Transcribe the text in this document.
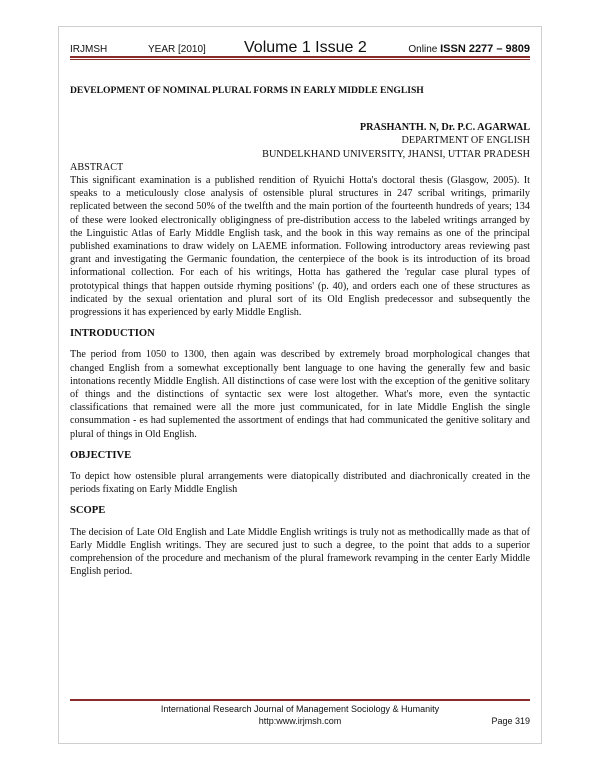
IRJMSH	YEAR [2010] Volume 1 Issue 2	Online ISSN 2277 – 9809

DEVELOPMENT OF NOMINAL PLURAL FORMS IN EARLY MIDDLE ENGLISH

PRASHANTH. N, Dr. P.C. AGARWAL

DEPARTMENT OF ENGLISH

BUNDELKHAND UNIVERSITY, JHANSI, UTTAR PRADESH

ABSTRACT

This significant examination is a published rendition of Ryuichi Hotta's doctoral thesis (Glasgow, 2005). It speaks to a meticulously close analysis of ostensible plural structures in 247 scribal writings, primarily replicated between the second 50% of the twelfth and the main portion of the fourteenth hundreds of years; 134 of these were looked electronically obligingness of pre-distribution access to the labeled writings arranged by the Linguistic Atlas of Early Middle English task, and the book in this way remains as one of the principal published examinations to draw widely on LAEME information. Following introductory areas reviewing past grant and investigating the Germanic foundation, the centerpiece of the book is its introduction of its broad informational collection. For each of his writings, Hotta has gathered the 'regular case plural types of prototypical things that happen outside rhyming positions' (p. 40), and orders each one of these structures as indicated by the sexual orientation and plural sort of its Old English predecessor and subsequently the progressions it has experienced by early Middle English.

INTRODUCTION

The period from 1050 to 1300, then again was described by extremely broad morphological changes that changed English from a somewhat exceptionally bent language to one having the generally few and basic intonations recently Middle English. All distinctions of case were lost with the exception of the genitive solitary of things and the distinctions of syntactic sex were lost altogether. What's more, even the syntactic classifications that remained were all the more just communicated, for in late Middle English the single consummation - es had suplemented the assortment of endings that had communicated the genitive solitary and plural of things in Old English.

OBJECTIVE

To depict how ostensible plural arrangements were diatopically distributed and diachronically created in the periods fixating on Early Middle English

SCOPE

The decision of Late Old English and Late Middle English writings is truly not as methodicallly made as that of Early Middle English writings. They are secured just to such a degree, to the point that adds to a superior comprehension of the procedure and mechanism of the plural framework revamping in the center Early Middle English period.

International Research Journal of Management Sociology & Humanity
http:www.irjmsh.com	Page 319
